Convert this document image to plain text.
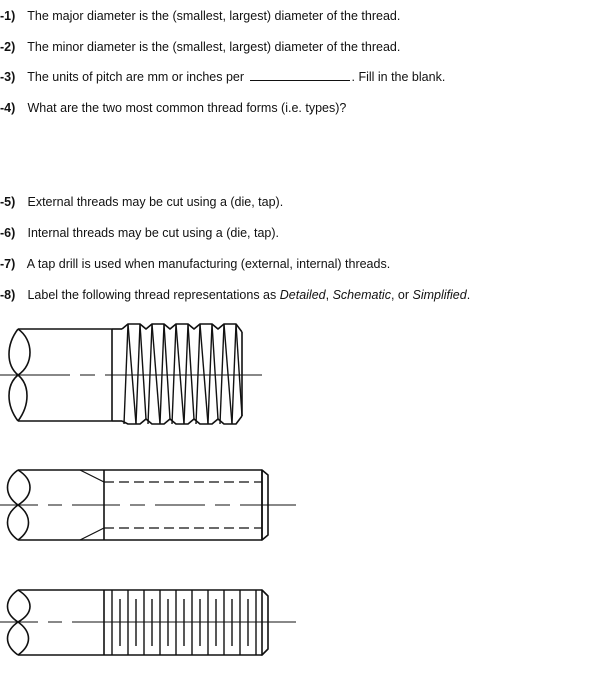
-1) The major diameter is the (smallest, largest) diameter of the thread.
-2) The minor diameter is the (smallest, largest) diameter of the thread.
-3) The units of pitch are mm or inches per	. Fill in the blank.
-4) What are the two most common thread forms (i.e. types)?
-5) External threads may be cut using a (die, tap).
-6) Internal threads may be cut using a (die, tap).
-7) A tap drill is used when manufacturing (external, internal) threads.
-8) Label the following thread representations as Detailed, Schematic, or Simplified.
